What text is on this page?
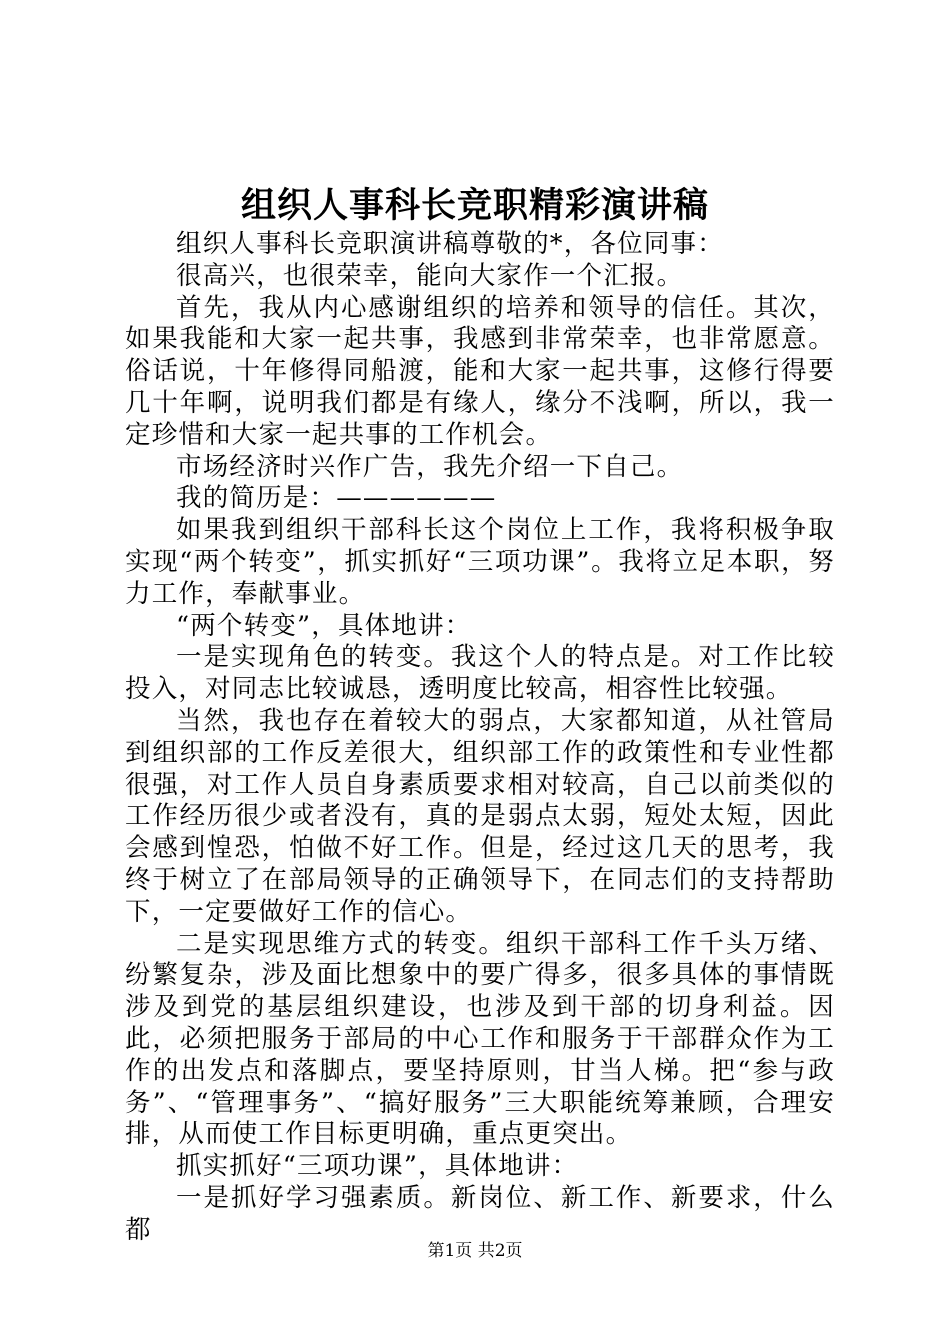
组织人事科长竞职精彩演讲稿

组织人事科长竞职演讲稿尊敬的*，各位同事：

很高兴，也很荣幸，能向大家作一个汇报。

首先，我从内心感谢组织的培养和领导的信任。其次，如果我能和大家一起共事，我感到非常荣幸，也非常愿意。俗话说，十年修得同船渡，能和大家一起共事，这修行得要几十年啊，说明我们都是有缘人，缘分不浅啊，所以，我一定珍惜和大家一起共事的工作机会。

市场经济时兴作广告，我先介绍一下自己。

我的简历是：——————

如果我到组织干部科长这个岗位上工作，我将积极争取实现“两个转变”，抓实抓好“三项功课”。我将立足本职，努力工作，奉献事业。

“两个转变”，具体地讲：

一是实现角色的转变。我这个人的特点是。对工作比较投入，对同志比较诚恳，透明度比较高，相容性比较强。

当然，我也存在着较大的弱点，大家都知道，从社管局到组织部的工作反差很大，组织部工作的政策性和专业性都很强，对工作人员自身素质要求相对较高，自己以前类似的工作经历很少或者没有，真的是弱点太弱，短处太短，因此会感到惶恐，怕做不好工作。但是，经过这几天的思考，我终于树立了在部局领导的正确领导下，在同志们的支持帮助下，一定要做好工作的信心。

二是实现思维方式的转变。组织干部科工作千头万绪、纷繁复杂，涉及面比想象中的要广得多，很多具体的事情既涉及到党的基层组织建设，也涉及到干部的切身利益。因此，必须把服务于部局的中心工作和服务于干部群众作为工作的出发点和落脚点，要坚持原则，甘当人梯。把“参与政务”、“管理事务”、“搞好服务”三大职能统筹兼顾，合理安排，从而使工作目标更明确，重点更突出。

抓实抓好“三项功课”，具体地讲：

一是抓好学习强素质。新岗位、新工作、新要求，什么都

第1页 共2页
